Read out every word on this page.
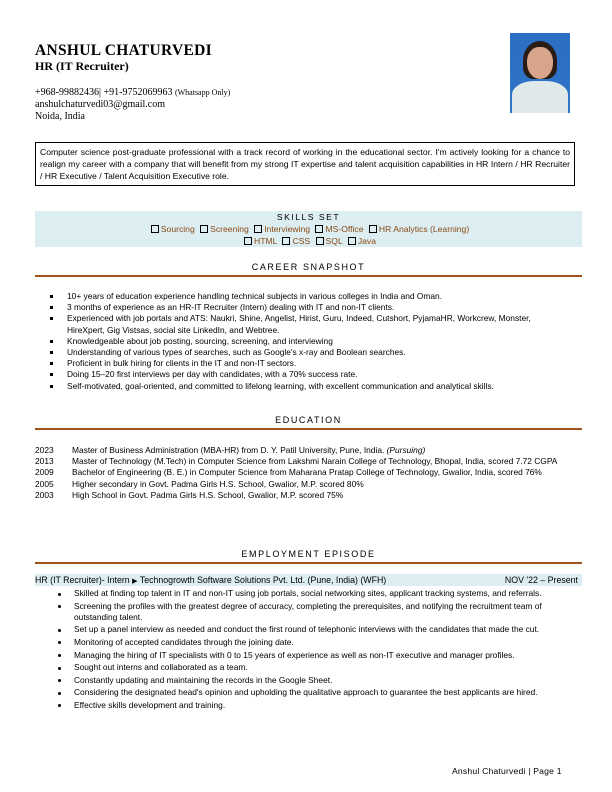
ANSHUL CHATURVEDI
HR (IT Recruiter)
+968-99882436| +91-9752069963 (Whatsapp Only)
anshulchaturvedi03@gmail.com
Noida, India
Computer science post-graduate professional with a track record of working in the educational sector. I'm actively looking for a chance to realign my career with a company that will benefit from my strong IT expertise and talent acquisition capabilities in HR Intern / HR Recruiter / HR Executive / Talent Acquisition Executive role.
SKILLS SET
Sourcing Screening Interviewing MS-Office HR Analytics (Learning)
HTML CSS SQL Java
CAREER SNAPSHOT
10+ years of education experience handling technical subjects in various colleges in India and Oman.
3 months of experience as an HR-IT Recruiter (Intern) dealing with IT and non-IT clients.
Experienced with job portals and ATS: Naukri, Shine, Angelist, Hirist, Guru, Indeed, Cutshort, PyjamaHR, Workcrew, Monster, HireXpert, Gig Vistsas, social site LinkedIn, and Webtree.
Knowledgeable about job posting, sourcing, screening, and interviewing
Understanding of various types of searches, such as Google's x-ray and Boolean searches.
Proficient in bulk hiring for clients in the IT and non-IT sectors.
Doing 15–20 first interviews per day with candidates, with a 70% success rate.
Self-motivated, goal-oriented, and committed to lifelong learning, with excellent communication and analytical skills.
EDUCATION
2023	Master of Business Administration (MBA-HR) from D. Y. Patil University, Pune, India. (Pursuing)
2013	Master of Technology (M.Tech) in Computer Science from Lakshmi Narain College of Technology, Bhopal, India, scored 7.72 CGPA
2009	Bachelor of Engineering (B. E.) in Computer Science from Maharana Pratap College of Technology, Gwalior, India, scored 76%
2005	Higher secondary in Govt. Padma Girls H.S. School, Gwalior, M.P. scored 80%
2003	High School in Govt. Padma Girls H.S. School, Gwalior, M.P. scored 75%
EMPLOYMENT EPISODE
HR (IT Recruiter)- Intern ▶ Technogrowth Software Solutions Pvt. Ltd. (Pune, India) (WFH)	NOV '22 – Present
Skilled at finding top talent in IT and non-IT using job portals, social networking sites, applicant tracking systems, and referrals.
Screening the profiles with the greatest degree of accuracy, completing the prerequisites, and notifying the recruitment team of outstanding talent.
Set up a panel interview as needed and conduct the first round of telephonic interviews with the candidates that made the cut.
Monitoring of accepted candidates through the joining date.
Managing the hiring of IT specialists with 0 to 15 years of experience as well as non-IT executive and manager profiles.
Sought out interns and collaborated as a team.
Constantly updating and maintaining the records in the Google Sheet.
Considering the designated head's opinion and upholding the qualitative approach to guarantee the best applicants are hired.
Effective skills development and training.
Anshul Chaturvedi | Page 1
